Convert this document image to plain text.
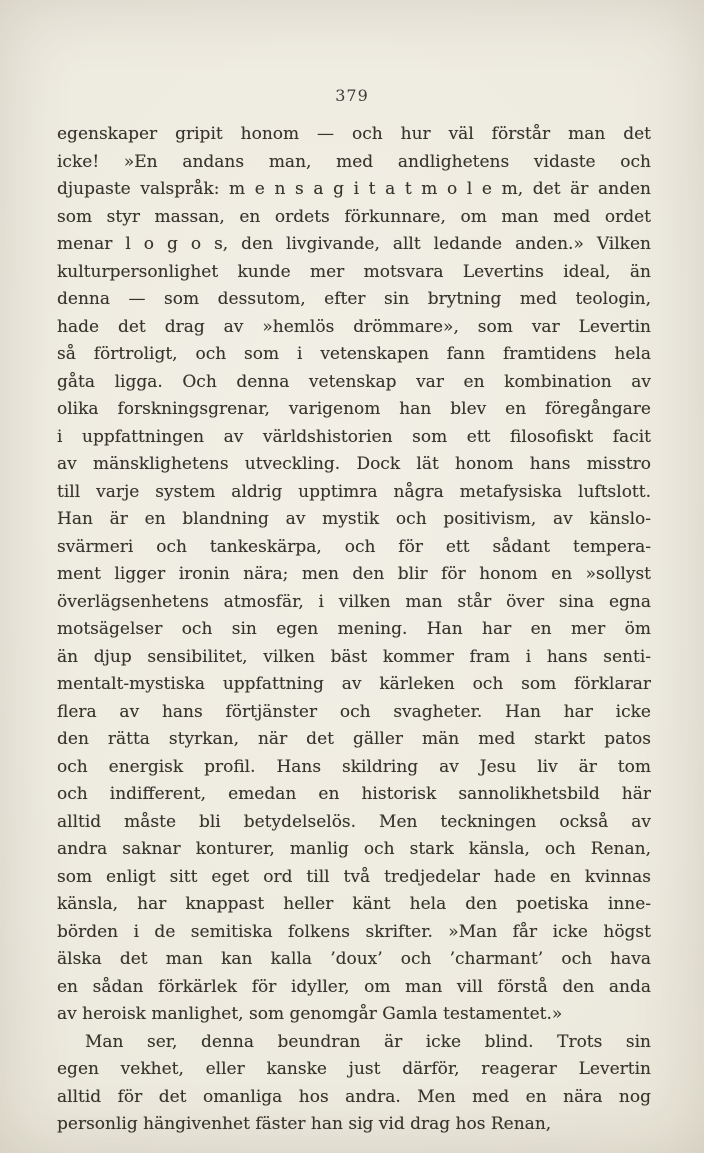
379
egenskaper gripit honom — och hur väl förstår man det
icke! »En andans man, med andlighetens vidaste och
djupaste valspråk: m e n s a g i t a t m o l e m, det är anden
som styr massan, en ordets förkunnare, om man med ordet
menar l o g o s, den livgivande, allt ledande anden.» Vilken
kulturpersonlighet kunde mer motsvara Levertins ideal, än
denna — som dessutom, efter sin brytning med teologin,
hade det drag av »hemlös drömmare», som var Levertin
så förtroligt, och som i vetenskapen fann framtidens hela
gåta ligga. Och denna vetenskap var en kombination av
olika forskningsgrenar, varigenom han blev en föregångare
i uppfattningen av världshistorien som ett filosofiskt facit
av mänsklighetens utveckling. Dock lät honom hans misstro
till varje system aldrig upptimra några metafysiska luftslott.
Han är en blandning av mystik och positivism, av känslo-
svärmeri och tankeskärpa, och för ett sådant tempera-
ment ligger ironin nära; men den blir för honom en »sollyst
överlägsenhetens atmosfär, i vilken man står över sina egna
motsägelser och sin egen mening. Han har en mer öm
än djup sensibilitet, vilken bäst kommer fram i hans senti-
mentalt-mystiska uppfattning av kärleken och som förklarar
flera av hans förtjänster och svagheter. Han har icke
den rätta styrkan, när det gäller män med starkt patos
och energisk profil. Hans skildring av Jesu liv är tom
och indifferent, emedan en historisk sannolikhetsbild här
alltid måste bli betydelselös. Men teckningen också av
andra saknar konturer, manlig och stark känsla, och Renan,
som enligt sitt eget ord till två tredjedelar hade en kvinnas
känsla, har knappast heller känt hela den poetiska inne-
börden i de semitiska folkens skrifter. »Man får icke högst
älska det man kan kalla ’doux’ och ’charmant’ och hava
en sådan förkärlek för idyller, om man vill förstå den anda
av heroisk manlighet, som genomgår Gamla testamentet.»
Man ser, denna beundran är icke blind. Trots sin
egen vekhet, eller kanske just därför, reagerar Levertin
alltid för det omanliga hos andra. Men med en nära nog
personlig hängivenhet fäster han sig vid drag hos Renan,
